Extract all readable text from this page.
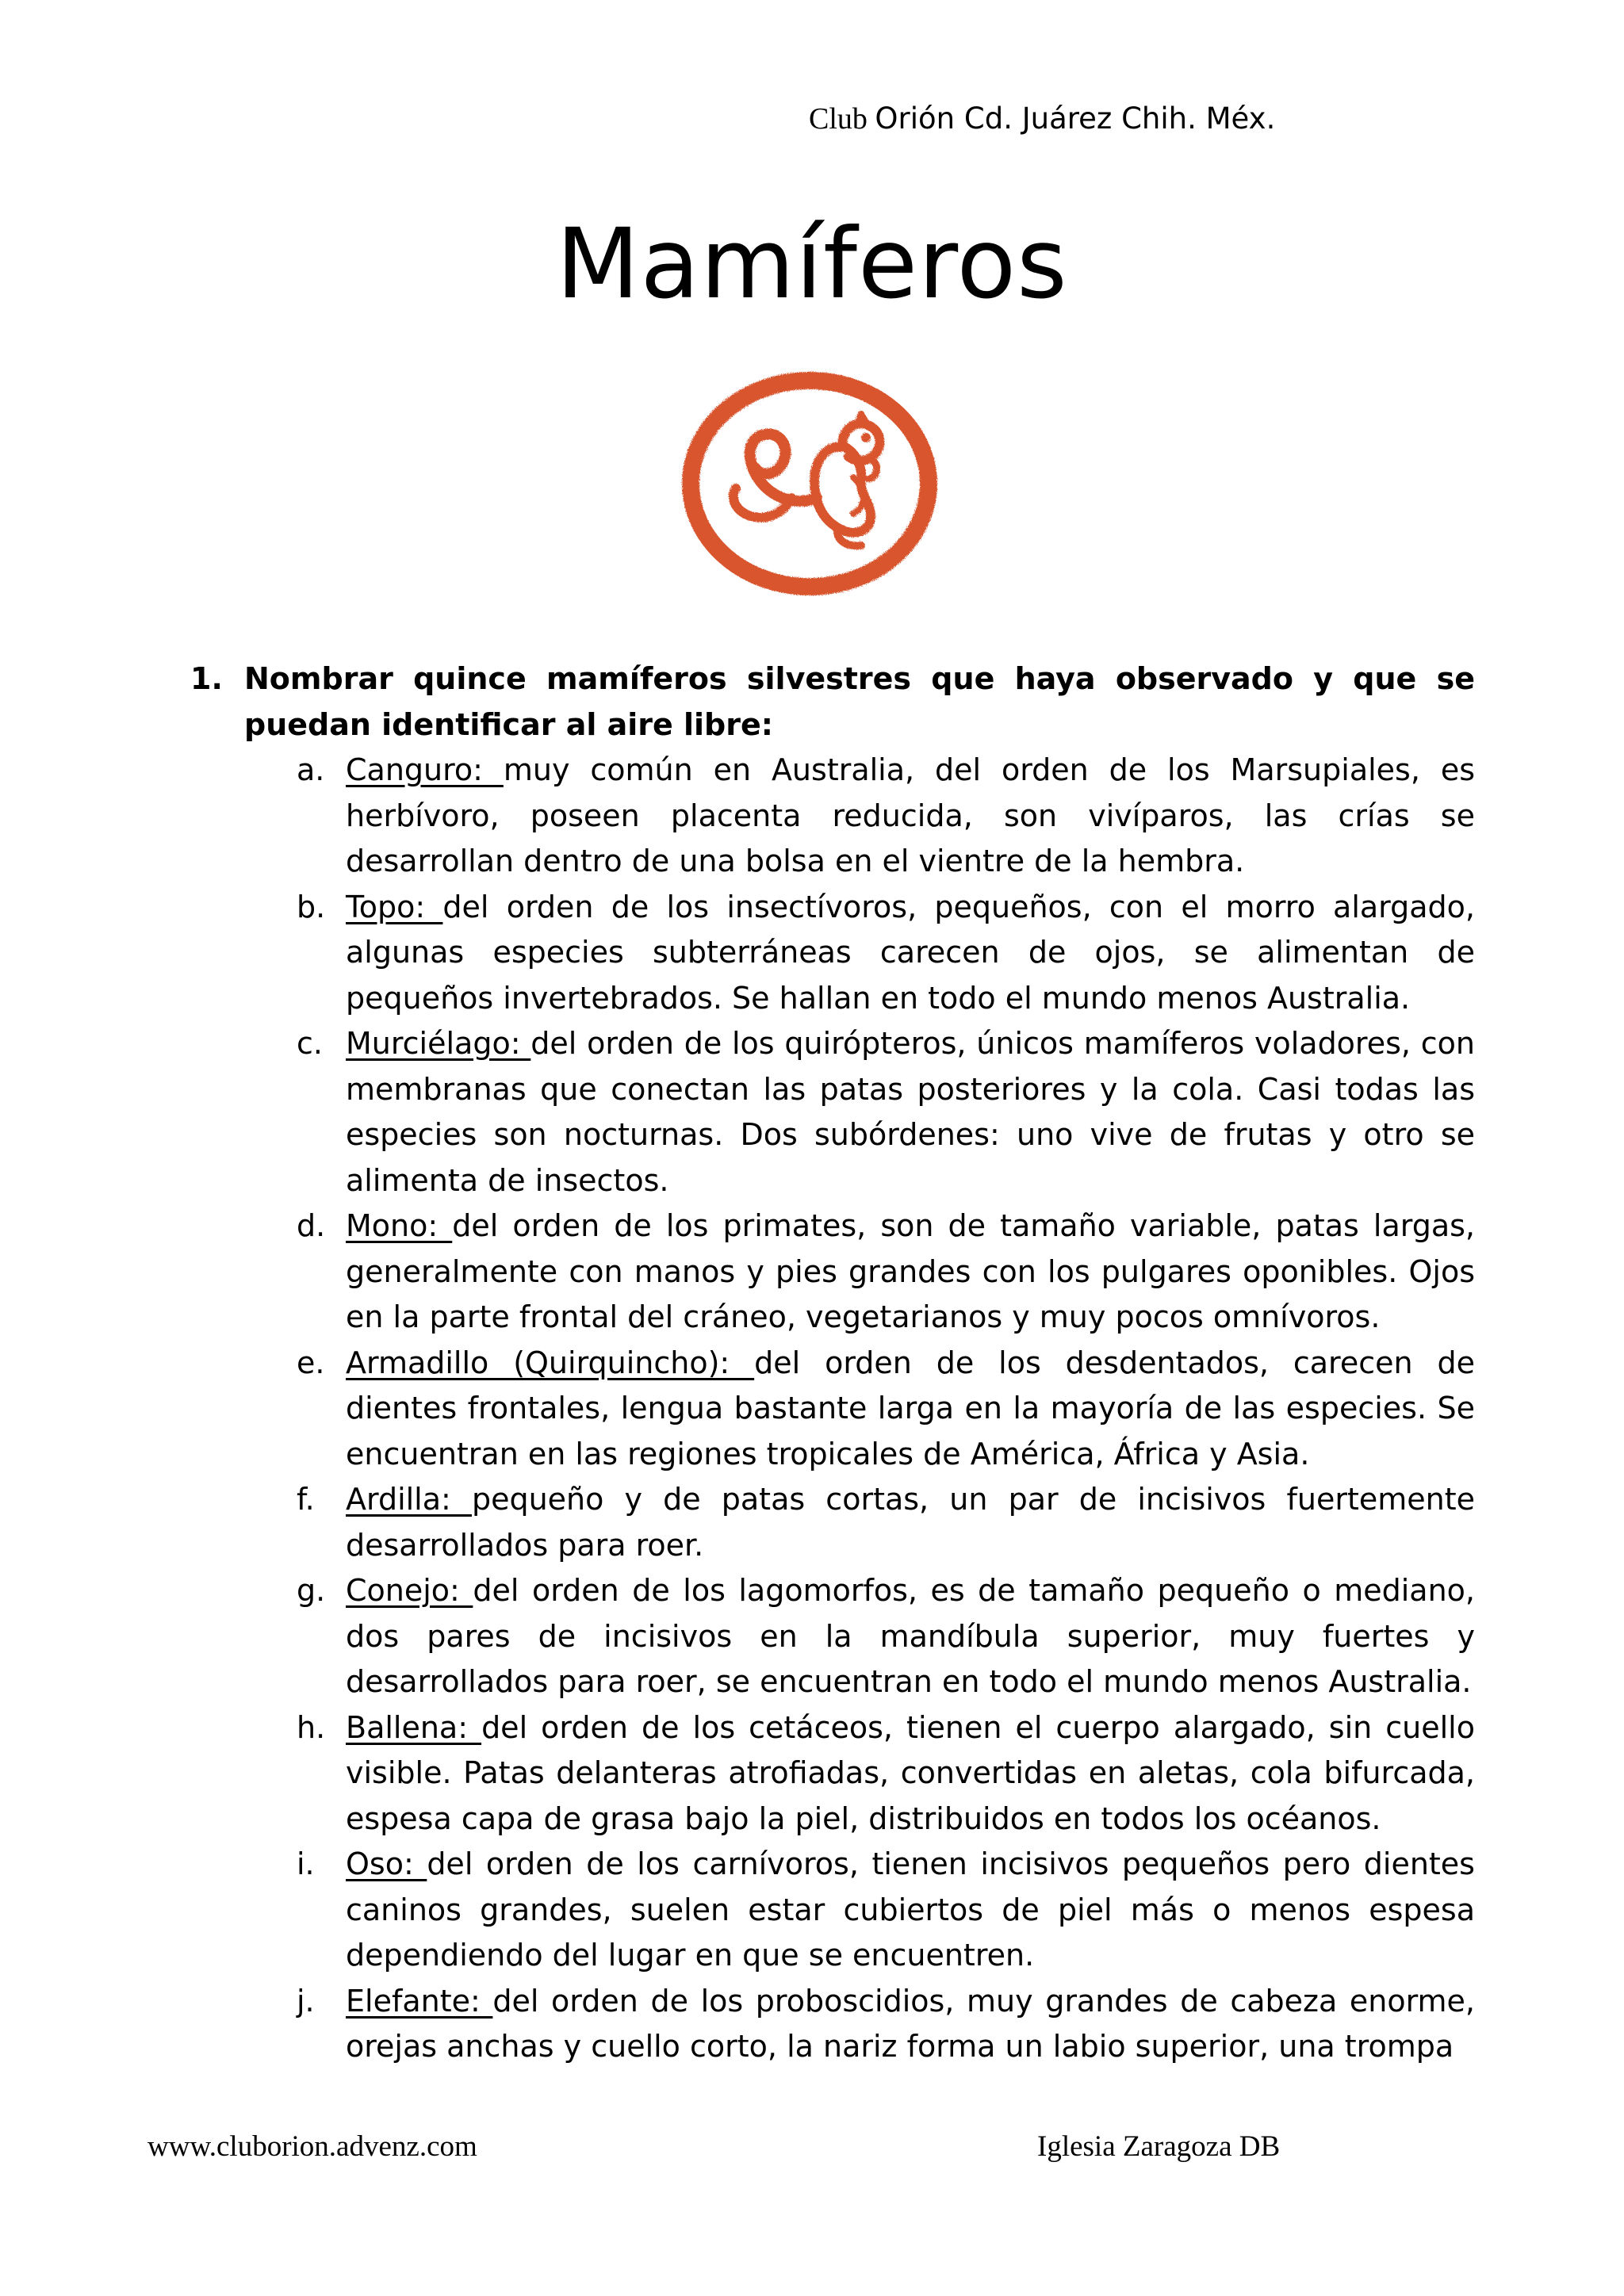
Club Orión Cd. Juárez Chih. Méx.
Mamíferos
1. Nombrar quince mamíferos silvestres que haya observado y que se puedan identificar al aire libre:
a. Canguro: muy común en Australia, del orden de los Marsupiales, es herbívoro, poseen placenta reducida, son vivíparos, las crías se desarrollan dentro de una bolsa en el vientre de la hembra.
b. Topo: del orden de los insectívoros, pequeños, con el morro alargado, algunas especies subterráneas carecen de ojos, se alimentan de pequeños invertebrados. Se hallan en todo el mundo menos Australia.
c. Murciélago: del orden de los quirópteros, únicos mamíferos voladores, con membranas que conectan las patas posteriores y la cola. Casi todas las especies son nocturnas. Dos subórdenes: uno vive de frutas y otro se alimenta de insectos.
d. Mono: del orden de los primates, son de tamaño variable, patas largas, generalmente con manos y pies grandes con los pulgares oponibles. Ojos en la parte frontal del cráneo, vegetarianos y muy pocos omnívoros.
e. Armadillo (Quirquincho): del orden de los desdentados, carecen de dientes frontales, lengua bastante larga en la mayoría de las especies. Se encuentran en las regiones tropicales de América, África y Asia.
f. Ardilla: pequeño y de patas cortas, un par de incisivos fuertemente desarrollados para roer.
g. Conejo: del orden de los lagomorfos, es de tamaño pequeño o mediano, dos pares de incisivos en la mandíbula superior, muy fuertes y desarrollados para roer, se encuentran en todo el mundo menos Australia.
h. Ballena: del orden de los cetáceos, tienen el cuerpo alargado, sin cuello visible. Patas delanteras atrofiadas, convertidas en aletas, cola bifurcada, espesa capa de grasa bajo la piel, distribuidos en todos los océanos.
i. Oso: del orden de los carnívoros, tienen incisivos pequeños pero dientes caninos grandes, suelen estar cubiertos de piel más o menos espesa dependiendo del lugar en que se encuentren.
j. Elefante: del orden de los proboscidios, muy grandes de cabeza enorme, orejas anchas y cuello corto, la nariz forma un labio superior, una trompa
www.cluborion.advenz.com	Iglesia Zaragoza DB
